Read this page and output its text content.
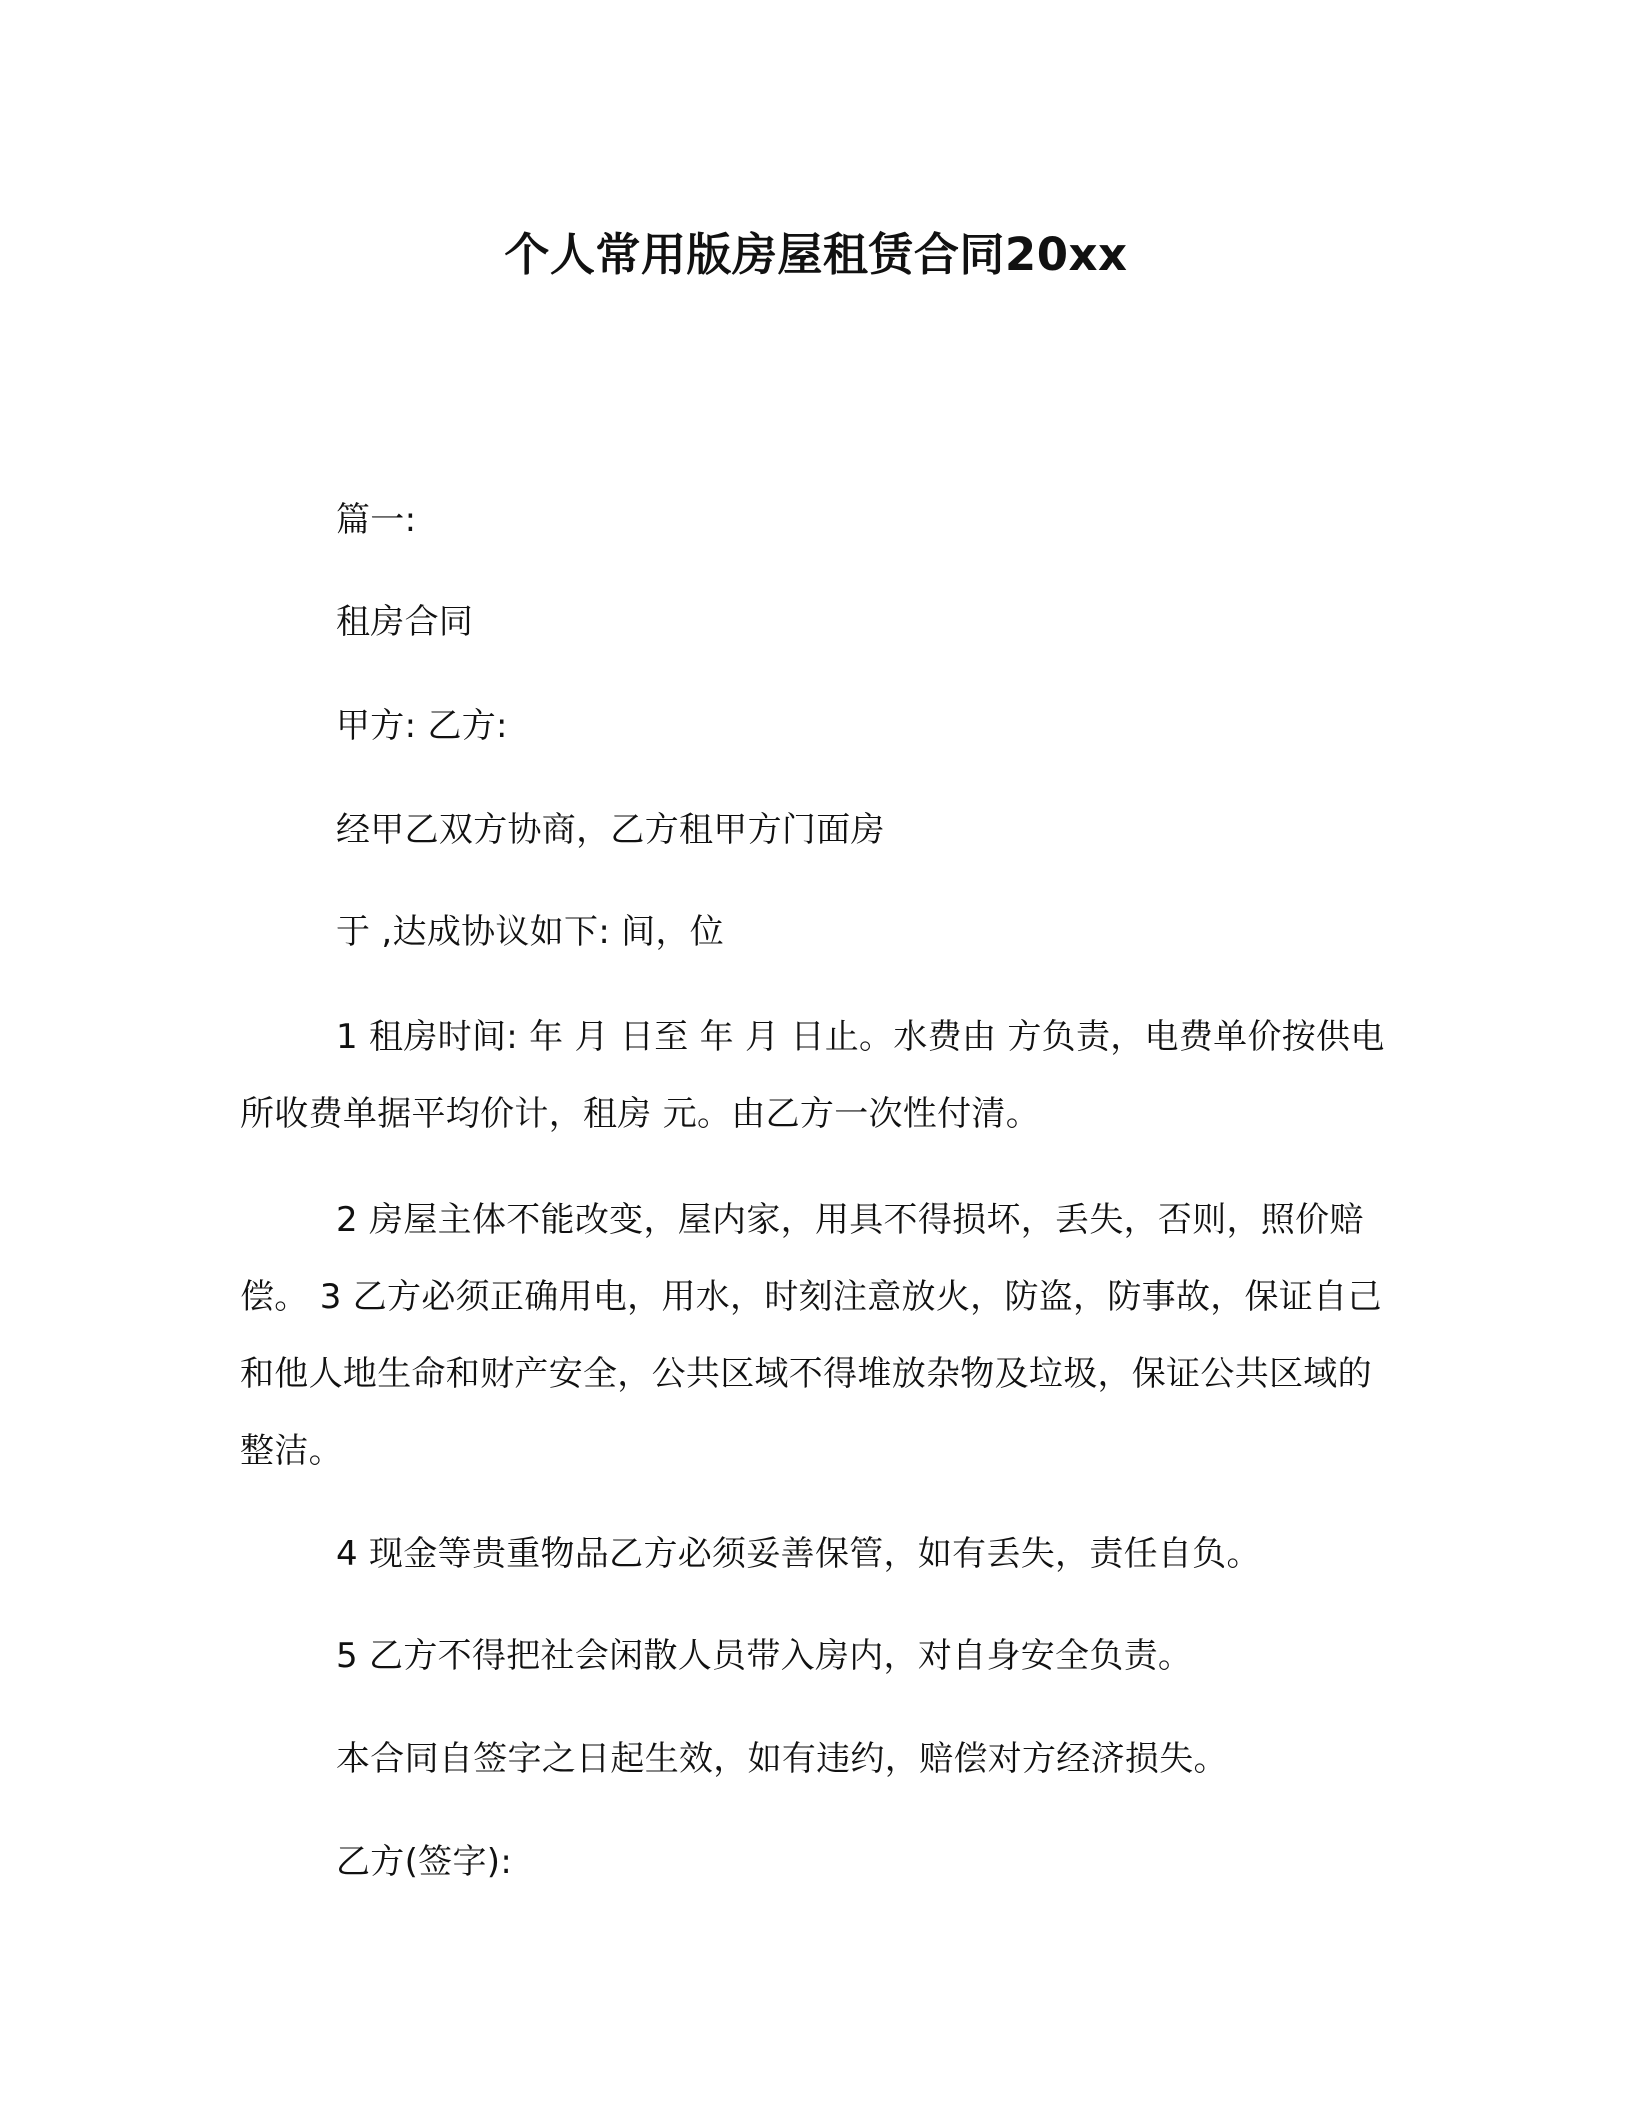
个人常用版房屋租赁合同20xx

篇一:

租房合同

甲方: 乙方:

经甲乙双方协商，乙方租甲方门面房

于 ,达成协议如下: 间，位

1 租房时间: 年 月 日至 年 月 日止。水费由 方负责，电费单价按供电所收费单据平均价计，租房 元。由乙方一次性付清。

2 房屋主体不能改变，屋内家，用具不得损坏，丢失，否则，照价赔偿。 3 乙方必须正确用电，用水，时刻注意放火，防盗，防事故，保证自己和他人地生命和财产安全，公共区域不得堆放杂物及垃圾，保证公共区域的整洁。

4 现金等贵重物品乙方必须妥善保管，如有丢失，责任自负。

5 乙方不得把社会闲散人员带入房内，对自身安全负责。

本合同自签字之日起生效，如有违约，赔偿对方经济损失。

乙方(签字):
